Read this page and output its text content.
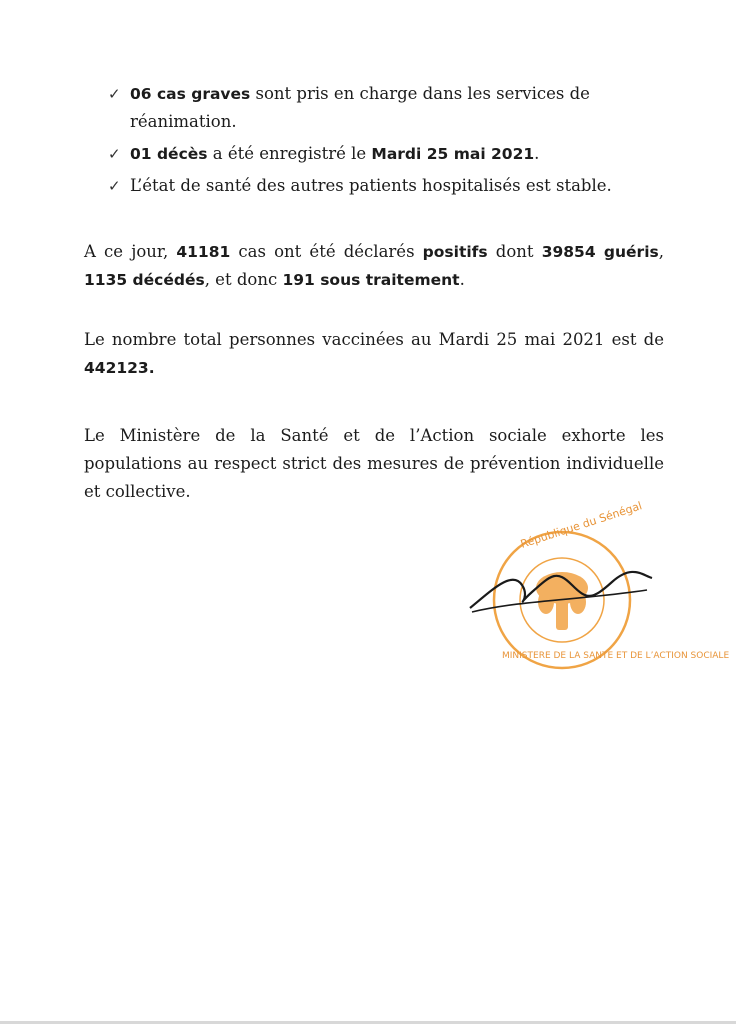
✓ 06 cas graves sont pris en charge dans les services de réanimation.
✓ 01 décès a été enregistré le Mardi 25 mai 2021.
✓ L’état de santé des autres patients hospitalisés est stable.
A ce jour, 41181 cas ont été déclarés positifs dont 39854 guéris, 1135 décédés, et donc 191 sous traitement.
Le nombre total personnes vaccinées au Mardi 25 mai 2021 est de 442123.
Le Ministère de la Santé et de l’Action sociale exhorte les populations au respect strict des mesures de prévention individuelle et collective.
République du Sénégal
MINISTERE DE LA SANTE ET DE L’ACTION SOCIALE
